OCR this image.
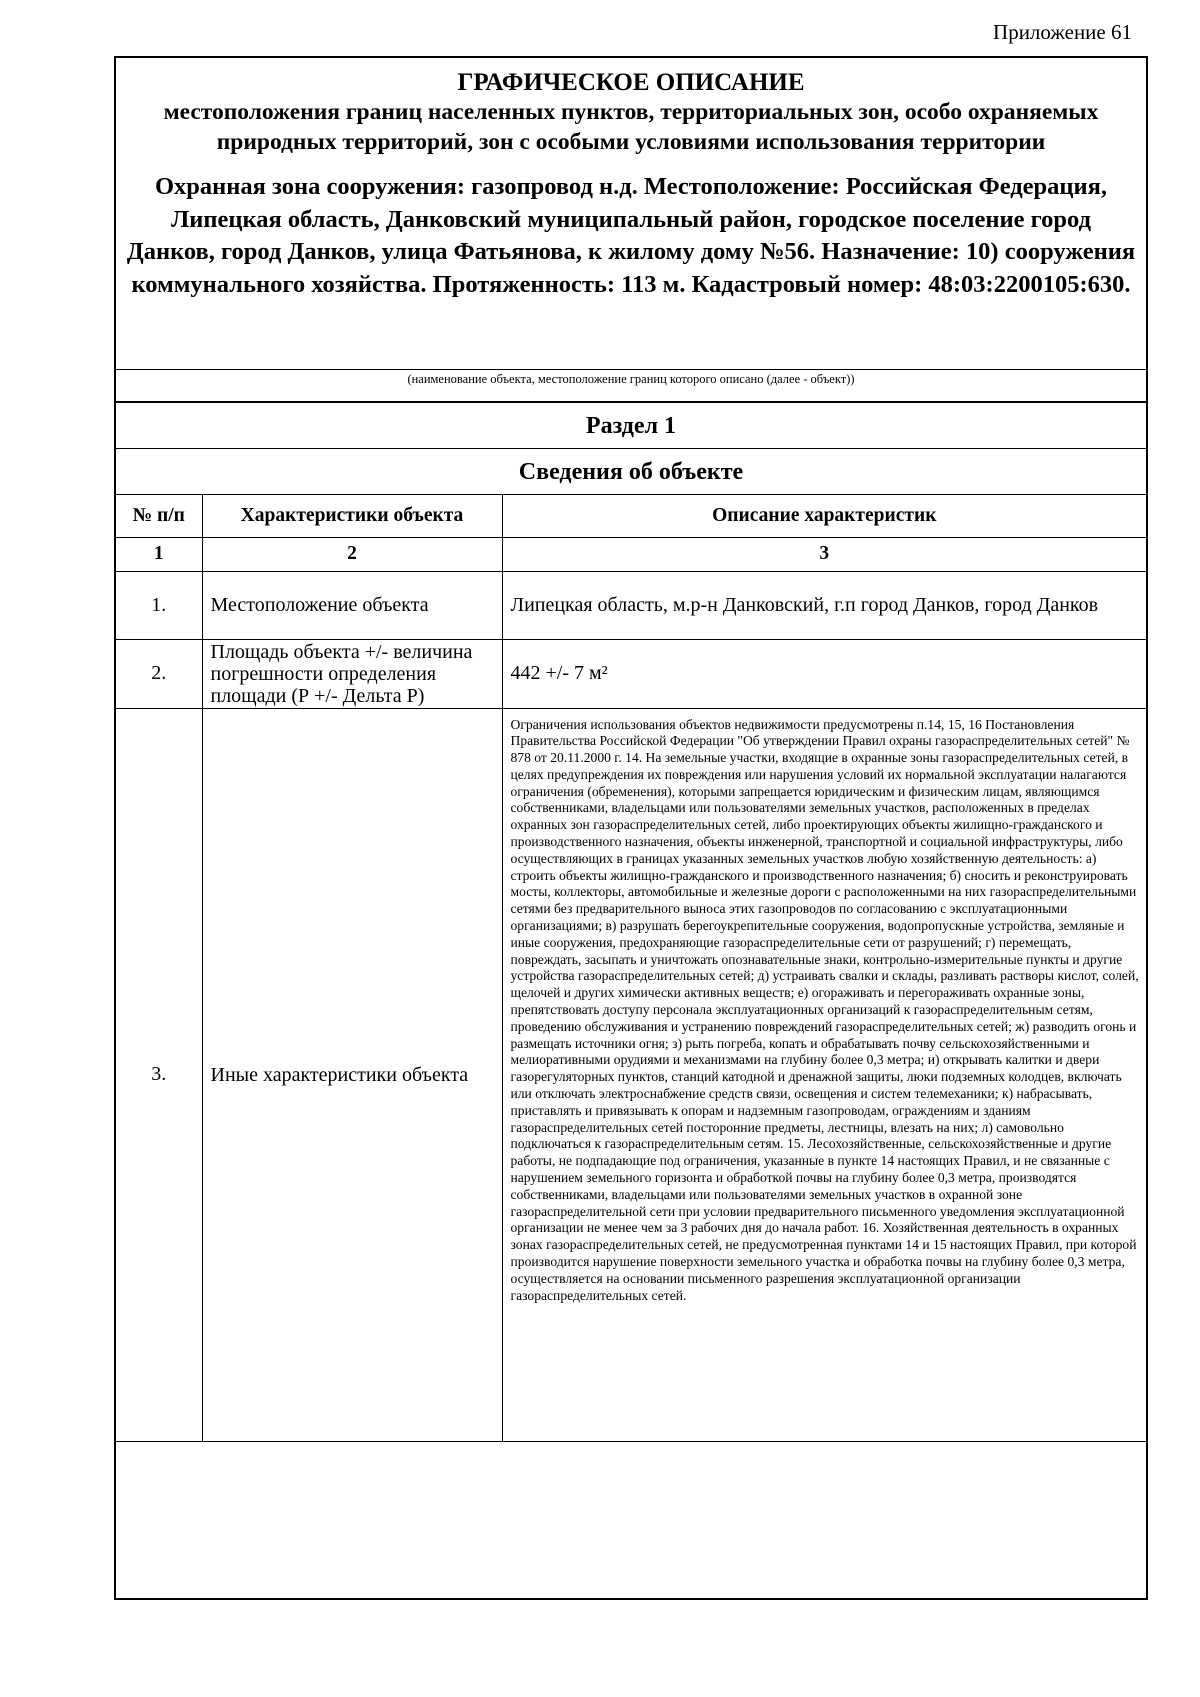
Приложение 61
ГРАФИЧЕСКОЕ ОПИСАНИЕ
местоположения границ населенных пунктов, территориальных зон, особо охраняемых природных территорий, зон с особыми условиями использования территории
Охранная зона сооружения: газопровод н.д. Местоположение: Российская Федерация, Липецкая область, Данковский муниципальный район, городское поселение город Данков, город Данков, улица Фатьянова, к жилому дому №56. Назначение: 10) сооружения коммунального хозяйства. Протяженность: 113 м. Кадастровый номер: 48:03:2200105:630.
(наименование объекта, местоположение границ которого описано (далее - объект))
Раздел 1
Сведения об объекте
№ п/п	Характеристики объекта	Описание характеристик
1	2	3
1.	Местоположение объекта	Липецкая область, м.р-н Данковский, г.п город Данков, город Данков
2.	Площадь объекта +/- величина погрешности определения площади (Р +/- Дельта Р)	442 +/- 7 м²
3.	Иные характеристики объекта	Ограничения использования объектов недвижимости предусмотрены п.14, 15, 16 Постановления Правительства Российской Федерации "Об утверждении Правил охраны газораспределительных сетей" № 878 от 20.11.2000 г. 14. На земельные участки, входящие в охранные зоны газораспределительных сетей, в целях предупреждения их повреждения или нарушения условий их нормальной эксплуатации налагаются ограничения (обременения), которыми запрещается юридическим и физическим лицам, являющимся собственниками, владельцами или пользователями земельных участков, расположенных в пределах охранных зон газораспределительных сетей, либо проектирующих объекты жилищно-гражданского и производственного назначения, объекты инженерной, транспортной и социальной инфраструктуры, либо осуществляющих в границах указанных земельных участков любую хозяйственную деятельность: а) строить объекты жилищно-гражданского и производственного назначения; б) сносить и реконструировать мосты, коллекторы, автомобильные и железные дороги с расположенными на них газораспределительными сетями без предварительного выноса этих газопроводов по согласованию с эксплуатационными организациями; в) разрушать берегоукрепительные сооружения, водопропускные устройства, земляные и иные сооружения, предохраняющие газораспределительные сети от разрушений; г) перемещать, повреждать, засыпать и уничтожать опознавательные знаки, контрольно-измерительные пункты и другие устройства газораспределительных сетей; д) устраивать свалки и склады, разливать растворы кислот, солей, щелочей и других химически активных веществ; е) огораживать и перегораживать охранные зоны, препятствовать доступу персонала эксплуатационных организаций к газораспределительным сетям, проведению обслуживания и устранению повреждений газораспределительных сетей; ж) разводить огонь и размещать источники огня; з) рыть погреба, копать и обрабатывать почву сельскохозяйственными и мелиоративными орудиями и механизмами на глубину более 0,3 метра; и) открывать калитки и двери газорегуляторных пунктов, станций катодной и дренажной защиты, люки подземных колодцев, включать или отключать электроснабжение средств связи, освещения и систем телемеханики; к) набрасывать, приставлять и привязывать к опорам и надземным газопроводам, ограждениям и зданиям газораспределительных сетей посторонние предметы, лестницы, влезать на них; л) самовольно подключаться к газораспределительным сетям. 15. Лесохозяйственные, сельскохозяйственные и другие работы, не подпадающие под ограничения, указанные в пункте 14 настоящих Правил, и не связанные с нарушением земельного горизонта и обработкой почвы на глубину более 0,3 метра, производятся собственниками, владельцами или пользователями земельных участков в охранной зоне газораспределительной сети при условии предварительного письменного уведомления эксплуатационной организации не менее чем за 3 рабочих дня до начала работ. 16. Хозяйственная деятельность в охранных зонах газораспределительных сетей, не предусмотренная пунктами 14 и 15 настоящих Правил, при которой производится нарушение поверхности земельного участка и обработка почвы на глубину более 0,3 метра, осуществляется на основании письменного разрешения эксплуатационной организации газораспределительных сетей.
